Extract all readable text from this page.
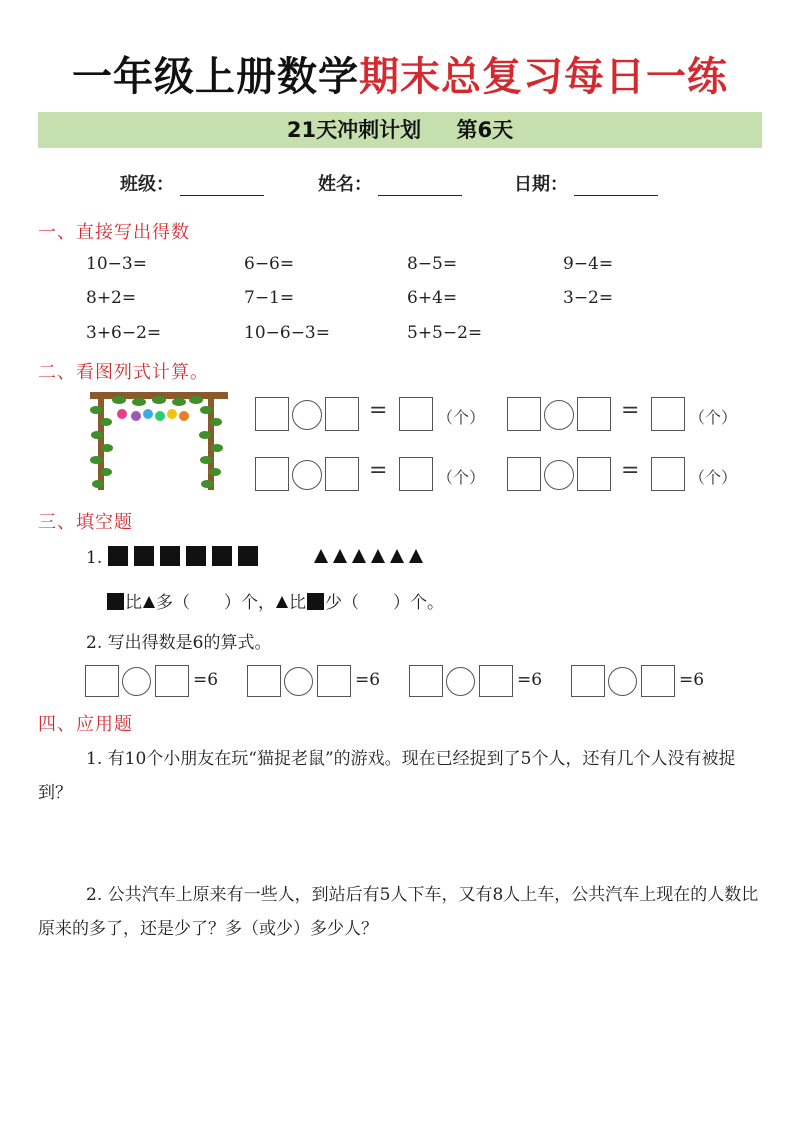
一年级上册数学期末总复习每日一练
21天冲刺计划 第6天
班级：	姓名：	日期：
一、直接写出得数
10−3=	6−6=	8−5=	9−4=
8+2=	7−1=	6+4=	3−2=
3+6−2=	10−6−3=	5+5−2=
二、看图列式计算。
=	（个）	=	（个）
=	（个）	=	（个）
三、填空题
1.
比 多（　　）个， 比 少（　　）个。
2. 写出得数是6的算式。
=6	=6	=6	=6
四、应用题
1. 有10个小朋友在玩“猫捉老鼠”的游戏。现在已经捉到了5个人，还有几个人没有被捉到？
2. 公共汽车上原来有一些人，到站后有5人下车，又有8人上车，公共汽车上现在的人数比原来的多了，还是少了？多（或少）多少人？
